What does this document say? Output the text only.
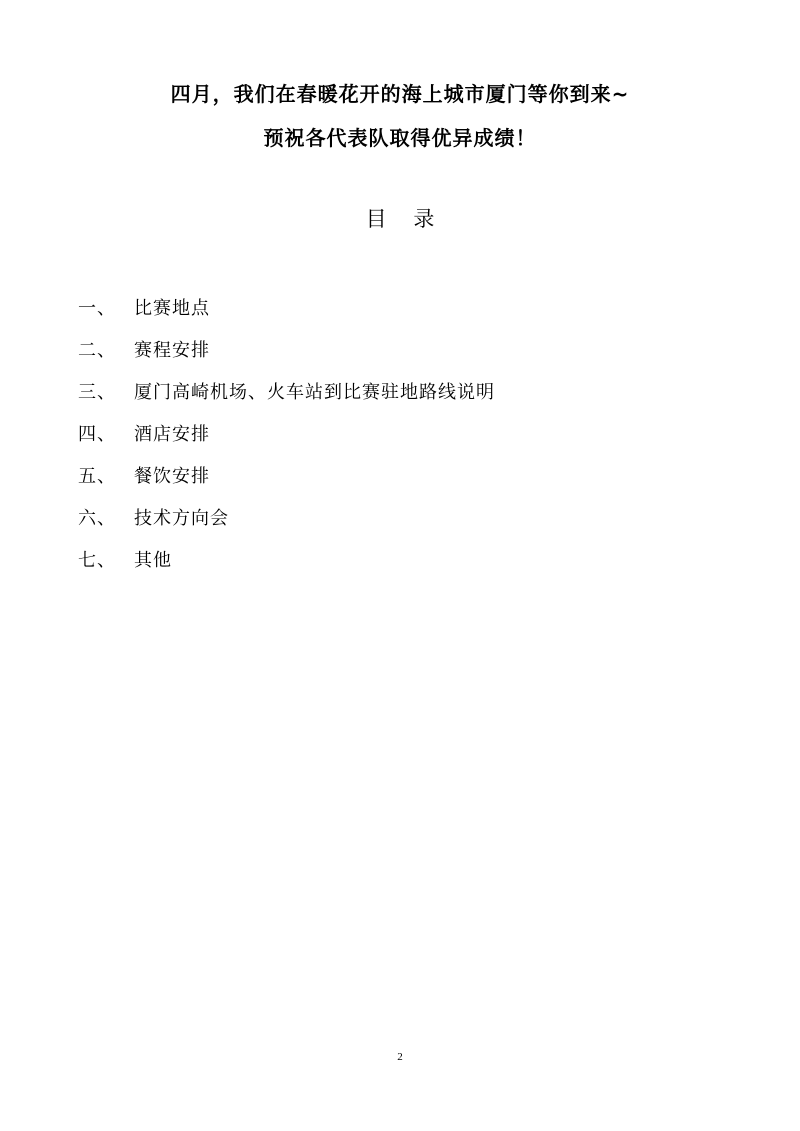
四月，我们在春暖花开的海上城市厦门等你到来~
预祝各代表队取得优异成绩！
目    录
一、	比赛地点
二、	赛程安排
三、	厦门高崎机场、火车站到比赛驻地路线说明
四、	酒店安排
五、	餐饮安排
六、	技术方向会
七、	其他
2
